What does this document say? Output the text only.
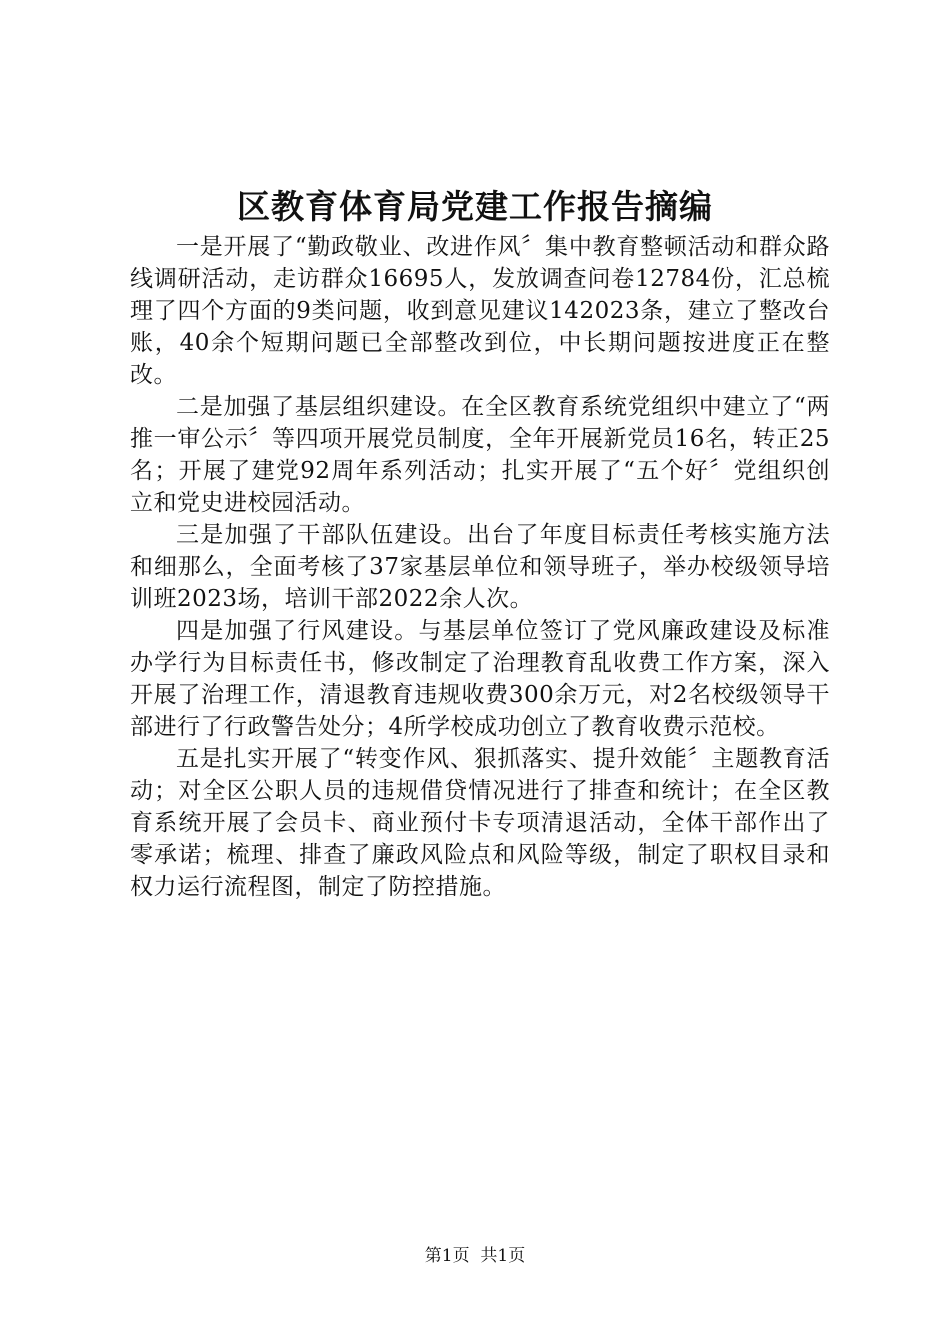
区教育体育局党建工作报告摘编

一是开展了“勤政敬业、改进作风〞集中教育整顿活动和群众路线调研活动，走访群众16695人，发放调查问卷12784份，汇总梳理了四个方面的9类问题，收到意见建议142023条，建立了整改台账，40余个短期问题已全部整改到位，中长期问题按进度正在整改。

二是加强了基层组织建设。在全区教育系统党组织中建立了“两推一审公示〞等四项开展党员制度，全年开展新党员16名，转正25名；开展了建党92周年系列活动；扎实开展了“五个好〞党组织创立和党史进校园活动。

三是加强了干部队伍建设。出台了年度目标责任考核实施方法和细那么，全面考核了37家基层单位和领导班子，举办校级领导培训班2023场，培训干部2022余人次。

四是加强了行风建设。与基层单位签订了党风廉政建设及标准办学行为目标责任书，修改制定了治理教育乱收费工作方案，深入开展了治理工作，清退教育违规收费300余万元，对2名校级领导干部进行了行政警告处分；4所学校成功创立了教育收费示范校。

五是扎实开展了“转变作风、狠抓落实、提升效能〞主题教育活动；对全区公职人员的违规借贷情况进行了排查和统计；在全区教育系统开展了会员卡、商业预付卡专项清退活动，全体干部作出了零承诺；梳理、排查了廉政风险点和风险等级，制定了职权目录和权力运行流程图，制定了防控措施。

第1页 共1页
